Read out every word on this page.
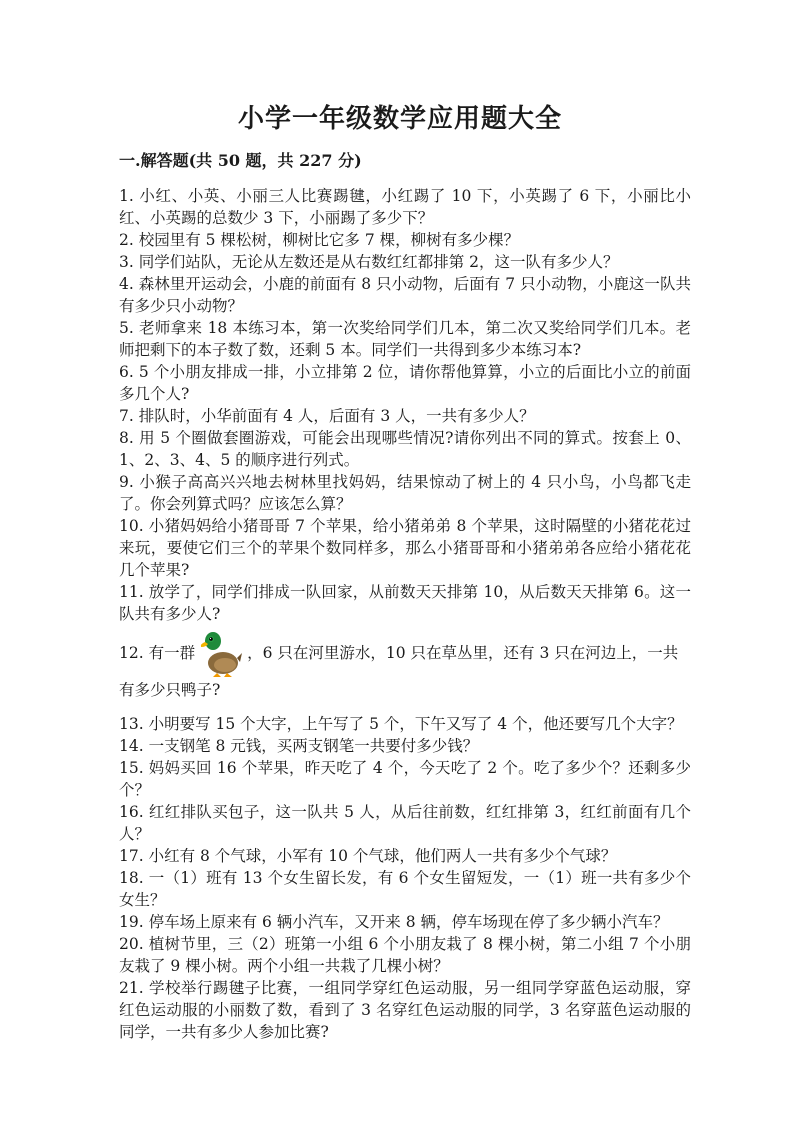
小学一年级数学应用题大全
一.解答题(共 50 题，共 227 分)

1. 小红、小英、小丽三人比赛踢毽，小红踢了 10 下，小英踢了 6 下，小丽比小红、小英踢的总数少 3 下，小丽踢了多少下？

2. 校园里有 5 棵松树，柳树比它多 7 棵，柳树有多少棵？

3. 同学们站队，无论从左数还是从右数红红都排第 2，这一队有多少人？

4. 森林里开运动会，小鹿的前面有 8 只小动物，后面有 7 只小动物，小鹿这一队共有多少只小动物？

5. 老师拿来 18 本练习本，第一次奖给同学们几本，第二次又奖给同学们几本。老师把剩下的本子数了数，还剩 5 本。同学们一共得到多少本练习本?

6. 5 个小朋友排成一排，小立排第 2 位，请你帮他算算，小立的后面比小立的前面多几个人?

7. 排队时，小华前面有 4 人，后面有 3 人，一共有多少人？

8. 用 5 个圈做套圈游戏，可能会出现哪些情况?请你列出不同的算式。按套上 0、1、2、3、4、5 的顺序进行列式。

9. 小猴子高高兴兴地去树林里找妈妈，结果惊动了树上的 4 只小鸟，小鸟都飞走了。你会列算式吗？应该怎么算？

10. 小猪妈妈给小猪哥哥 7 个苹果，给小猪弟弟 8 个苹果，这时隔壁的小猪花花过来玩，要使它们三个的苹果个数同样多，那么小猪哥哥和小猪弟弟各应给小猪花花几个苹果?

11. 放学了，同学们排成一队回家，从前数天天排第 10，从后数天天排第 6。这一队共有多少人?

12. 有一群	，6 只在河里游水，10 只在草丛里，还有 3 只在河边上，一共
有多少只鸭子?

13. 小明要写 15 个大字，上午写了 5 个，下午又写了 4 个，他还要写几个大字？

14. 一支钢笔 8 元钱，买两支钢笔一共要付多少钱？

15. 妈妈买回 16 个苹果，昨天吃了 4 个，今天吃了 2 个。吃了多少个？还剩多少个？

16. 红红排队买包子，这一队共 5 人，从后往前数，红红排第 3，红红前面有几个人？

17. 小红有 8 个气球，小军有 10 个气球，他们两人一共有多少个气球？

18. 一（1）班有 13 个女生留长发，有 6 个女生留短发，一（1）班一共有多少个女生？

19. 停车场上原来有 6 辆小汽车，又开来 8 辆，停车场现在停了多少辆小汽车？

20. 植树节里，三（2）班第一小组 6 个小朋友栽了 8 棵小树，第二小组 7 个小朋友栽了 9 棵小树。两个小组一共栽了几棵小树？

21. 学校举行踢毽子比赛，一组同学穿红色运动服，另一组同学穿蓝色运动服，穿红色运动服的小丽数了数，看到了 3 名穿红色运动服的同学，3 名穿蓝色运动服的同学，一共有多少人参加比赛?
